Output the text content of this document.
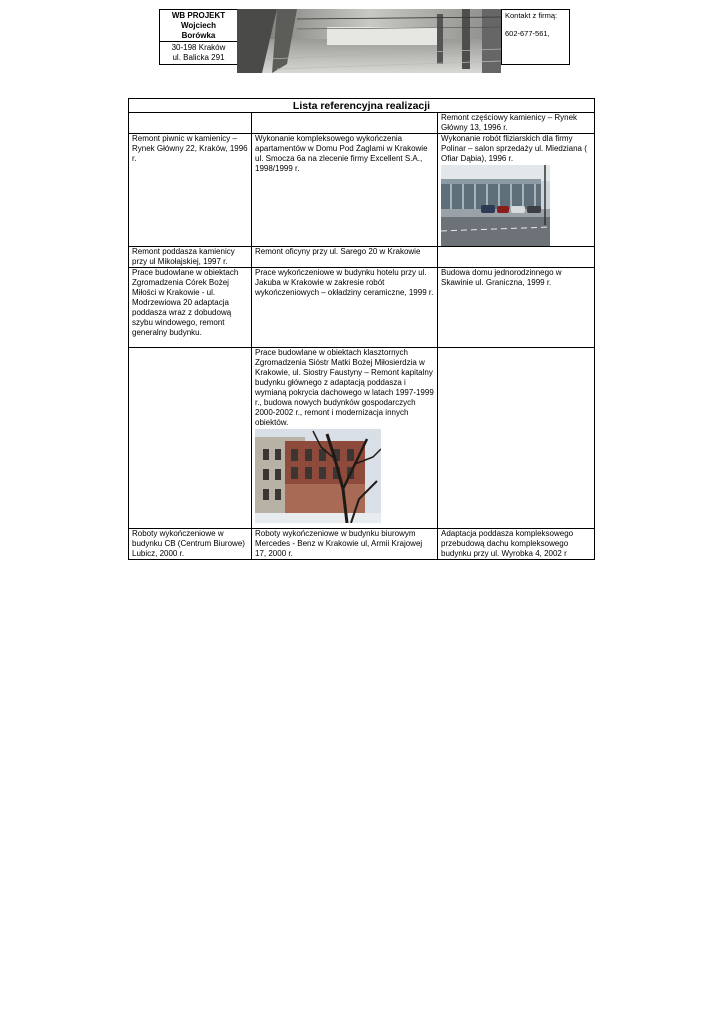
WB PROJEKT
Wojciech
Borówka
30-198 Kraków
ul. Balicka 291
Kontakt z firmą:
602-677-561,
Lista referencyjna realizacji		
		Remont częściowy kamienicy – Rynek Główny 13, 1996 r.
Remont piwnic w kamienicy – Rynek Główny 22, Kraków, 1996 r.	Wykonanie kompleksowego wykończenia apartamentów w Domu Pod Żaglami w Krakowie ul. Smocza 6a na zlecenie firmy Excellent S.A., 1998/1999 r.	Wykonanie robót fliziarskich dla firmy Polinar – salon sprzedaży ul. Miedziana ( Ofiar Dąbia), 1996 r.

Remont poddasza kamienicy przy ul Mikołajskiej, 1997 r.	Remont oficyny przy ul. Sarego 20 w Krakowie	
Prace budowlane w obiektach Zgromadzenia Córek Bożej Miłości w Krakowie - ul. Modrzewiowa 20 adaptacja poddasza wraz z dobudową szybu windowego, remont generalny budynku.	Prace wykończeniowe w budynku hotelu przy ul. Jakuba w Krakowie w zakresie robót wykończeniowych – okładziny ceramiczne, 1999 r.	Budowa domu jednorodzinnego w Skawinie ul. Graniczna, 1999 r.

	Prace budowlane w obiektach klasztornych Zgromadzenia Sióstr Matki Bożej Miłosierdzia w Krakowie, ul. Siostry Faustyny – Remont kapitalny budynku głównego z adaptacją poddasza i wymianą pokrycia dachowego w latach 1997-1999 r., budowa nowych budynków gospodarczych 2000-2002 r., remont i modernizacja innych obiektów.	

Roboty wykończeniowe w budynku CB (Centrum Biurowe) Lubicz, 2000 r.	Roboty wykończeniowe w budynku biurowym Mercedes - Benz w Krakowie ul, Armii Krajowej 17, 2000 r.	Adaptacja poddasza kompleksowego przebudową dachu kompleksowego budynku przy ul. Wyrobka 4, 2002 r
